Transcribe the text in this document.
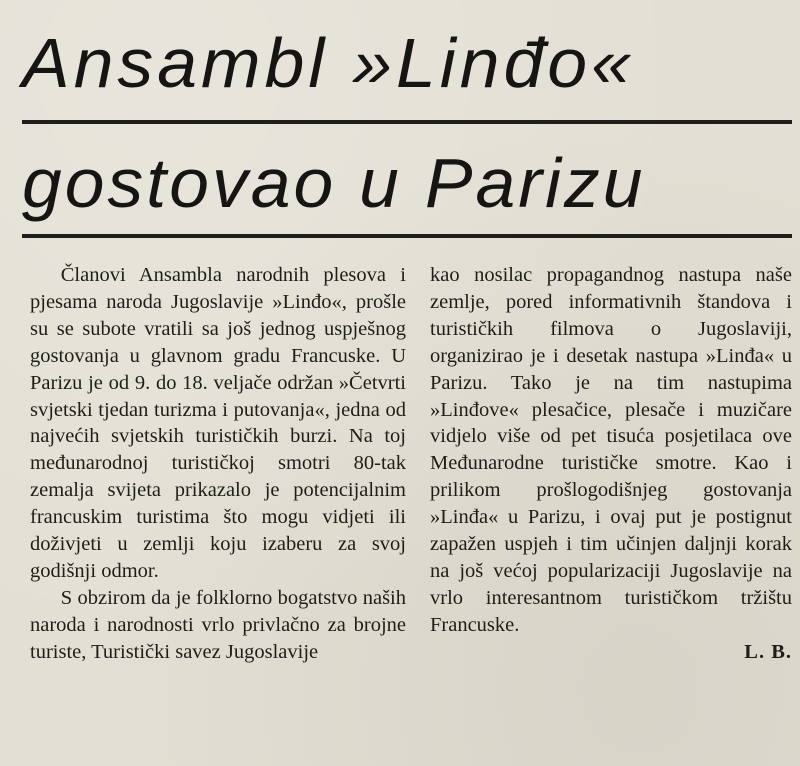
Ansambl »Linđo«
gostovao u Parizu

Članovi Ansambla narodnih plesova i pjesama naroda Jugoslavije »Linđo«, prošle su se subote vratili sa još jednog uspješnog gostovanja u glavnom gradu Francuske. U Parizu je od 9. do 18. veljače održan »Četvrti svjetski tjedan turizma i putovanja«, jedna od najvećih svjetskih turističkih burzi. Na toj međunarodnoj turističkoj smotri 80-tak zemalja svijeta prikazalo je potencijalnim francuskim turistima što mogu vidjeti ili doživjeti u zemlji koju izaberu za svoj godišnji odmor.

S obzirom da je folklorno bogatstvo naših naroda i narodnosti vrlo privlačno za brojne turiste, Turistički savez Jugoslavije

kao nosilac propagandnog nastupa naše zemlje, pored informativnih štandova i turističkih filmova o Jugoslaviji, organizirao je i desetak nastupa »Linđa« u Parizu. Tako je na tim nastupima »Linđove« plesačice, plesače i muzičare vidjelo više od pet tisuća posjetilaca ove Međunarodne turističke smotre. Kao i prilikom prošlogodišnjeg gostovanja »Linđa« u Parizu, i ovaj put je postignut zapažen uspjeh i tim učinjen daljnji korak na još većoj popularizaciji Jugoslavije na vrlo interesantnom turističkom tržištu Francuske.

L. B.
